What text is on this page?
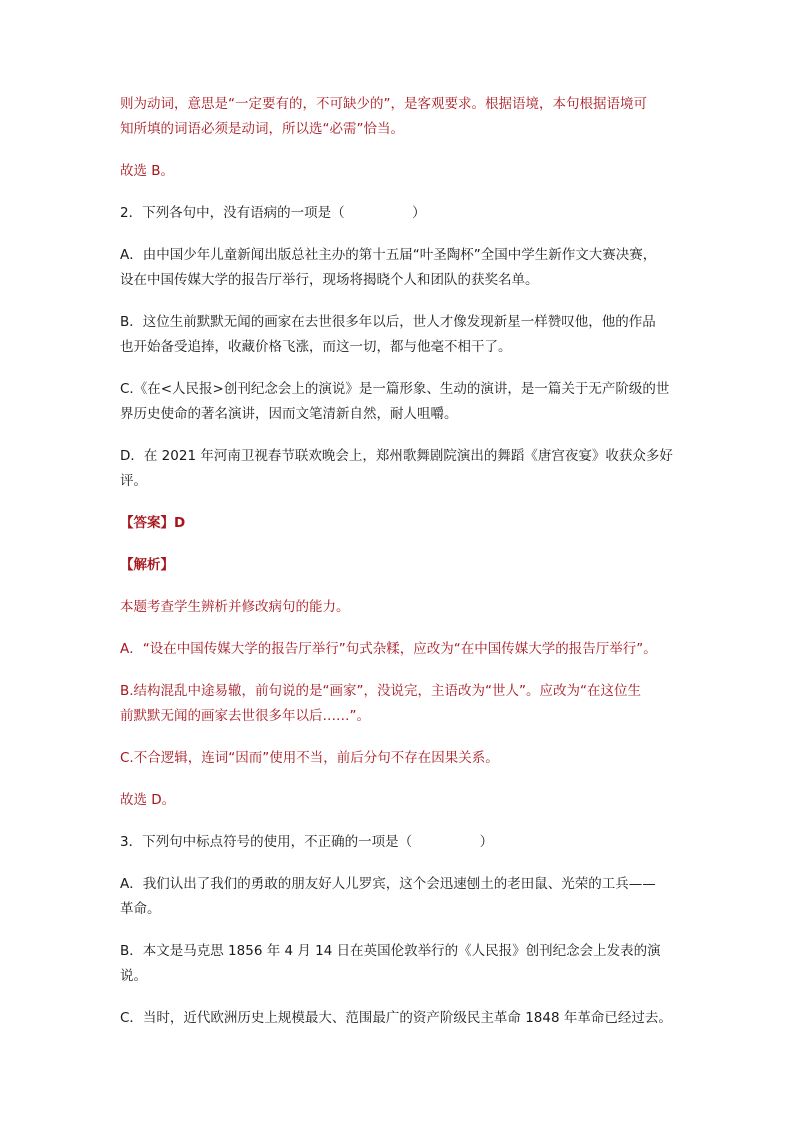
则为动词，意思是“一定要有的，不可缺少的”，是客观要求。根据语境，本句根据语境可
知所填的词语必须是动词，所以选“必需”恰当。

故选 B。

2．下列各句中，没有语病的一项是（　　　　　）

A．由中国少年儿童新闻出版总社主办的第十五届“叶圣陶杯”全国中学生新作文大赛决赛，
设在中国传媒大学的报告厅举行，现场将揭晓个人和团队的获奖名单。

B．这位生前默默无闻的画家在去世很多年以后，世人才像发现新星一样赞叹他，他的作品
也开始备受追捧，收藏价格飞涨，而这一切，都与他毫不相干了。

C.《在<人民报>创刊纪念会上的演说》是一篇形象、生动的演讲，是一篇关于无产阶级的世
界历史使命的著名演讲，因而文笔清新自然，耐人咀嚼。

D．在 2021 年河南卫视春节联欢晚会上，郑州歌舞剧院演出的舞蹈《唐宫夜宴》收获众多好
评。

【答案】D

【解析】

本题考查学生辨析并修改病句的能力。

A．“设在中国传媒大学的报告厅举行”句式杂糅，应改为“在中国传媒大学的报告厅举行”。

B.结构混乱中途易辙，前句说的是“画家”，没说完，主语改为“世人”。应改为“在这位生
前默默无闻的画家去世很多年以后……”。

C.不合逻辑，连词“因而”使用不当，前后分句不存在因果关系。

故选 D。

3．下列句中标点符号的使用，不正确的一项是（　　　　　）

A．我们认出了我们的勇敢的朋友好人儿罗宾，这个会迅速刨土的老田鼠、光荣的工兵——
革命。

B．本文是马克思 1856 年 4 月 14 日在英国伦敦举行的《人民报》创刊纪念会上发表的演说。

C．当时，近代欧洲历史上规模最大、范围最广的资产阶级民主革命 1848 年革命已经过去。
